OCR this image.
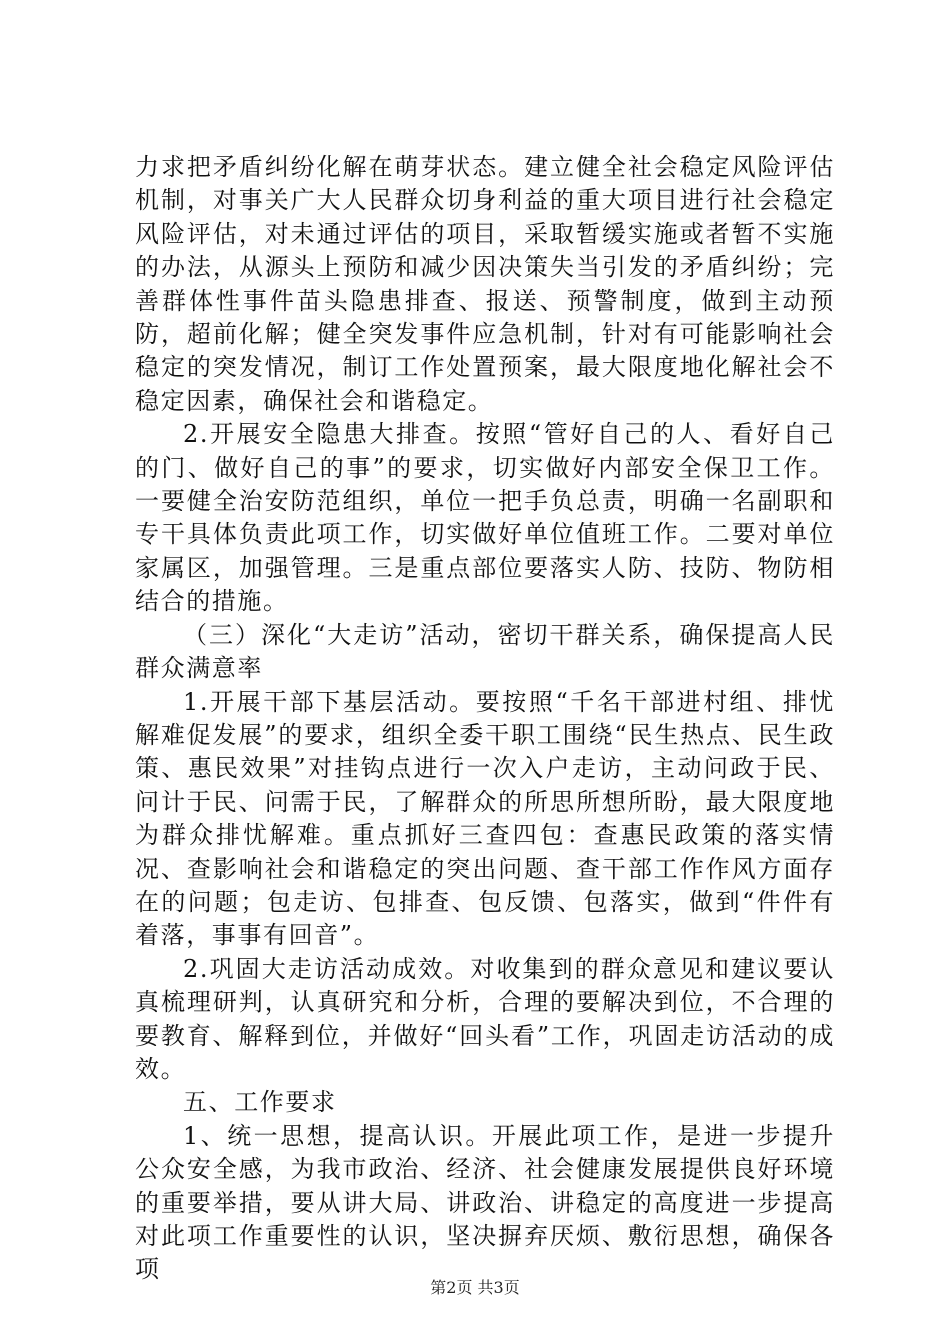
力求把矛盾纠纷化解在萌芽状态。建立健全社会稳定风险评估机制，对事关广大人民群众切身利益的重大项目进行社会稳定风险评估，对未通过评估的项目，采取暂缓实施或者暂不实施的办法，从源头上预防和减少因决策失当引发的矛盾纠纷；完善群体性事件苗头隐患排查、报送、预警制度，做到主动预防，超前化解；健全突发事件应急机制，针对有可能影响社会稳定的突发情况，制订工作处置预案，最大限度地化解社会不稳定因素，确保社会和谐稳定。

2.开展安全隐患大排查。按照“管好自己的人、看好自己的门、做好自己的事”的要求，切实做好内部安全保卫工作。一要健全治安防范组织，单位一把手负总责，明确一名副职和专干具体负责此项工作，切实做好单位值班工作。二要对单位家属区，加强管理。三是重点部位要落实人防、技防、物防相结合的措施。

（三）深化“大走访”活动，密切干群关系，确保提高人民群众满意率

1.开展干部下基层活动。要按照“千名干部进村组、排忧解难促发展”的要求，组织全委干职工围绕“民生热点、民生政策、惠民效果”对挂钩点进行一次入户走访，主动问政于民、问计于民、问需于民，了解群众的所思所想所盼，最大限度地为群众排忧解难。重点抓好三查四包：查惠民政策的落实情况、查影响社会和谐稳定的突出问题、查干部工作作风方面存在的问题；包走访、包排查、包反馈、包落实，做到“件件有着落，事事有回音”。

2.巩固大走访活动成效。对收集到的群众意见和建议要认真梳理研判，认真研究和分析，合理的要解决到位，不合理的要教育、解释到位，并做好“回头看”工作，巩固走访活动的成效。

五、工作要求

1、统一思想，提高认识。开展此项工作，是进一步提升公众安全感，为我市政治、经济、社会健康发展提供良好环境的重要举措，要从讲大局、讲政治、讲稳定的高度进一步提高对此项工作重要性的认识，坚决摒弃厌烦、敷衍思想，确保各项

第2页 共3页
